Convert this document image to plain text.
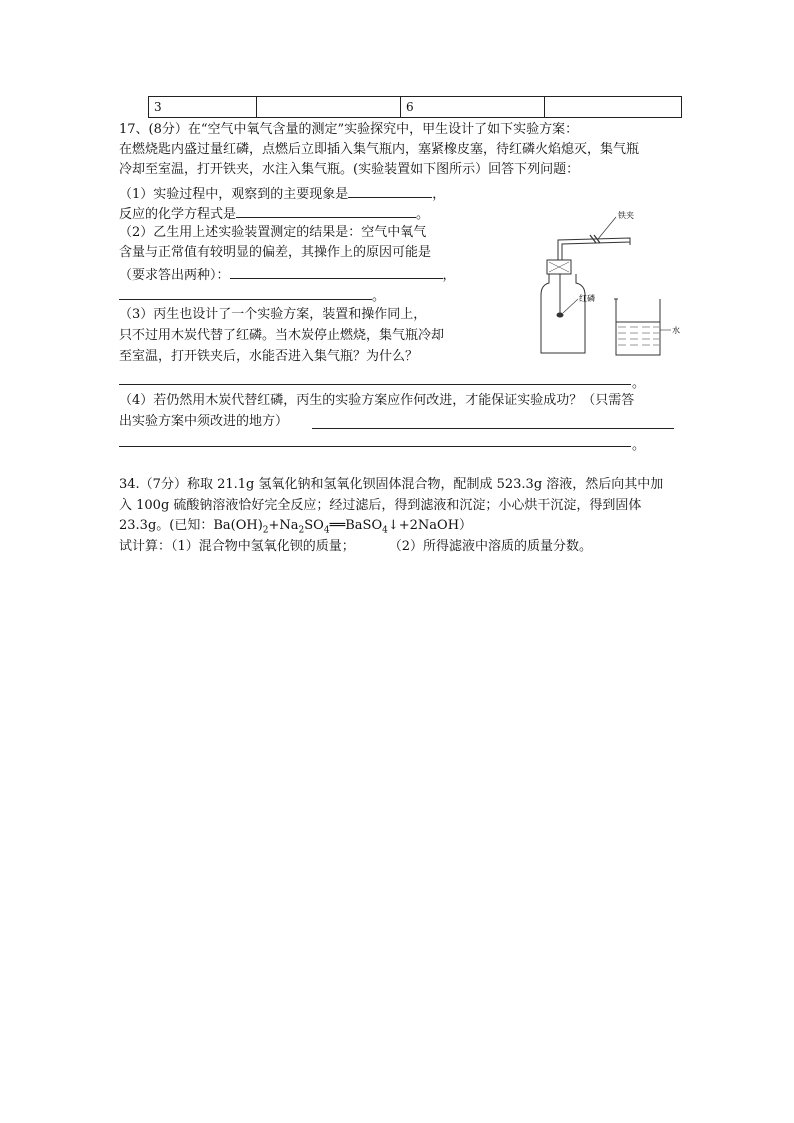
3		6	
17、(8分）在“空气中氧气含量的测定”实验探究中，甲生设计了如下实验方案：
在燃烧匙内盛过量红磷，点燃后立即插入集气瓶内，塞紧橡皮塞，待红磷火焰熄灭，集气瓶
冷却至室温，打开铁夹，水注入集气瓶。(实验装置如下图所示）回答下列问题：
（1）实验过程中，观察到的主要现象是	，
反应的化学方程式是	。
（2）乙生用上述实验装置测定的结果是：空气中氧气
含量与正常值有较明显的偏差，其操作上的原因可能是
（要求答出两种）：	，
。
（3）丙生也设计了一个实验方案，装置和操作同上，
只不过用木炭代替了红磷。当木炭停止燃烧，集气瓶冷却
至室温，打开铁夹后，水能否进入集气瓶？为什么？
。
（4）若仍然用木炭代替红磷，丙生的实验方案应作何改进，才能保证实验成功？（只需答
出实验方案中须改进的地方）
。
铁夹
红磷
水
34.（7分）称取 21.1g 氢氧化钠和氢氧化钡固体混合物，配制成 523.3g 溶液，然后向其中加
入 100g 硫酸钠溶液恰好完全反应；经过滤后，得到滤液和沉淀；小心烘干沉淀，得到固体
23.3g。(已知：$Ba(OH)_2+Na_2SO_4══BaSO_4↓+2NaOH$）
试计算：（1）混合物中氢氧化钡的质量；	（2）所得滤液中溶质的质量分数。
